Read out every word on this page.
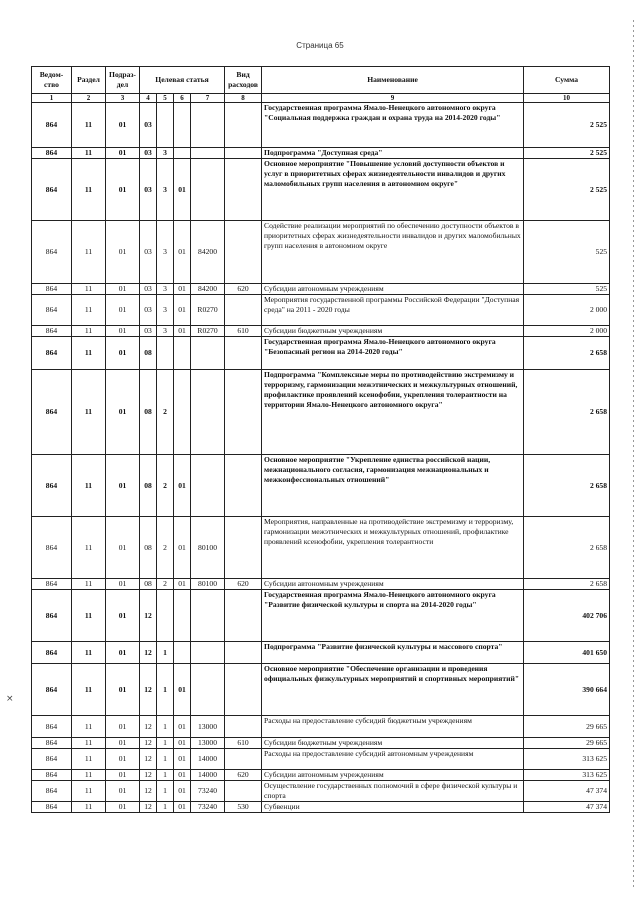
Страница 65
Ведом-ство	Раздел	Подраз-дел	Целевая статья				Вид расходов	Наименование	Сумма
1	2	3	4	5	6	7	8	9	10
864	11	01	03					Государственная программа Ямало-Ненецкого автономного округа "Социальная поддержка граждан и охрана труда на 2014-2020 годы"	2 525
864	11	01	03	3				Подпрограмма "Доступная среда"	2 525
864	11	01	03	3	01			Основное мероприятие "Повышение условий доступности объектов и услуг в приоритетных сферах жизнедеятельности инвалидов и других маломобильных групп населения в автономном округе"	2 525
864	11	01	03	3	01	84200		Содействие реализации мероприятий по обеспечению доступности объектов в приоритетных сферах жизнедеятельности инвалидов и других маломобильных групп населения в автономном округе	525
864	11	01	03	3	01	84200	620	Субсидии автономным учреждениям	525
864	11	01	03	3	01	R0270		Мероприятия государственной программы Российской Федерации "Доступная среда" на 2011 - 2020 годы	2 000
864	11	01	03	3	01	R0270	610	Субсидии бюджетным учреждениям	2 000
864	11	01	08					Государственная программа Ямало-Ненецкого автономного округа "Безопасный регион на 2014-2020 годы"	2 658
864	11	01	08	2				Подпрограмма "Комплексные меры по противодействию экстремизму и терроризму, гармонизации межэтнических и межкультурных отношений, профилактике проявлений ксенофобии, укрепления толерантности на территории Ямало-Ненецкого автономного округа"	2 658
864	11	01	08	2	01			Основное мероприятие "Укрепление единства российской нации, межнационального согласия, гармонизация межнациональных и межконфессиональных отношений"	2 658
864	11	01	08	2	01	80100		Мероприятия, направленные на противодействие экстремизму и терроризму, гармонизации межэтнических и межкультурных отношений, профилактике проявлений ксенофобии, укрепления толерантности	2 658
864	11	01	08	2	01	80100	620	Субсидии автономным учреждениям	2 658
864	11	01	12					Государственная программа Ямало-Ненецкого автономного округа "Развитие физической культуры и спорта на 2014-2020 годы"	402 706
864	11	01	12	1				Подпрограмма "Развитие физической культуры и массового спорта"	401 650
864	11	01	12	1	01			Основное мероприятие "Обеспечение организации и проведения официальных физкультурных мероприятий и спортивных мероприятий"	390 664
864	11	01	12	1	01	13000		Расходы на предоставление субсидий бюджетным учреждениям	29 665
864	11	01	12	1	01	13000	610	Субсидии бюджетным учреждениям	29 665
864	11	01	12	1	01	14000		Расходы на предоставление субсидий автономным учреждениям	313 625
864	11	01	12	1	01	14000	620	Субсидии автономным учреждениям	313 625
864	11	01	12	1	01	73240		Осуществление государственных полномочий в сфере физической культуры и спорта	47 374
864	11	01	12	1	01	73240	530	Субвенции	47 374
×
